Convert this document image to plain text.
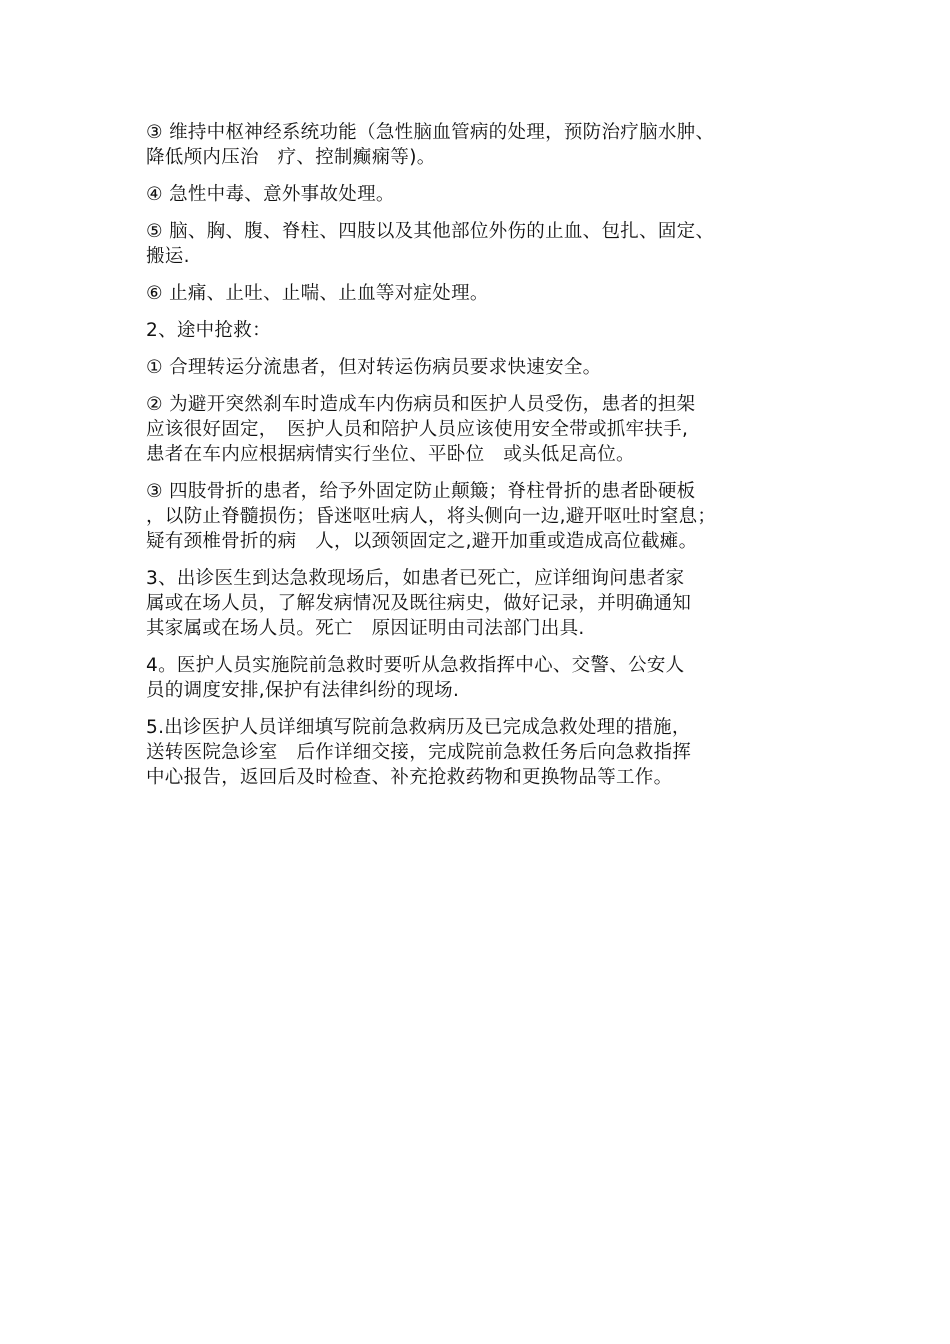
③ 维持中枢神经系统功能（急性脑血管病的处理，预防治疗脑水肿、
降低颅内压治　疗、控制癫痫等)。

④ 急性中毒、意外事故处理。

⑤ 脑、胸、腹、脊柱、四肢以及其他部位外伤的止血、包扎、固定、
搬运.

⑥ 止痛、止吐、止喘、止血等对症处理。

2、途中抢救：

① 合理转运分流患者，但对转运伤病员要求快速安全。

② 为避开突然刹车时造成车内伤病员和医护人员受伤，患者的担架
应该很好固定，　医护人员和陪护人员应该使用安全带或抓牢扶手,
患者在车内应根据病情实行坐位、平卧位　或头低足高位。

③ 四肢骨折的患者，给予外固定防止颠簸；脊柱骨折的患者卧硬板
，以防止脊髓损伤；昏迷呕吐病人，将头侧向一边,避开呕吐时窒息；
疑有颈椎骨折的病　人，以颈领固定之,避开加重或造成高位截瘫。

3、出诊医生到达急救现场后，如患者已死亡，应详细询问患者家
属或在场人员，了解发病情况及既往病史，做好记录，并明确通知
其家属或在场人员。死亡　原因证明由司法部门出具.

4。医护人员实施院前急救时要听从急救指挥中心、交警、公安人
员的调度安排,保护有法律纠纷的现场.

5.出诊医护人员详细填写院前急救病历及已完成急救处理的措施，
送转医院急诊室　后作详细交接，完成院前急救任务后向急救指挥
中心报告，返回后及时检查、补充抢救药物和更换物品等工作。
